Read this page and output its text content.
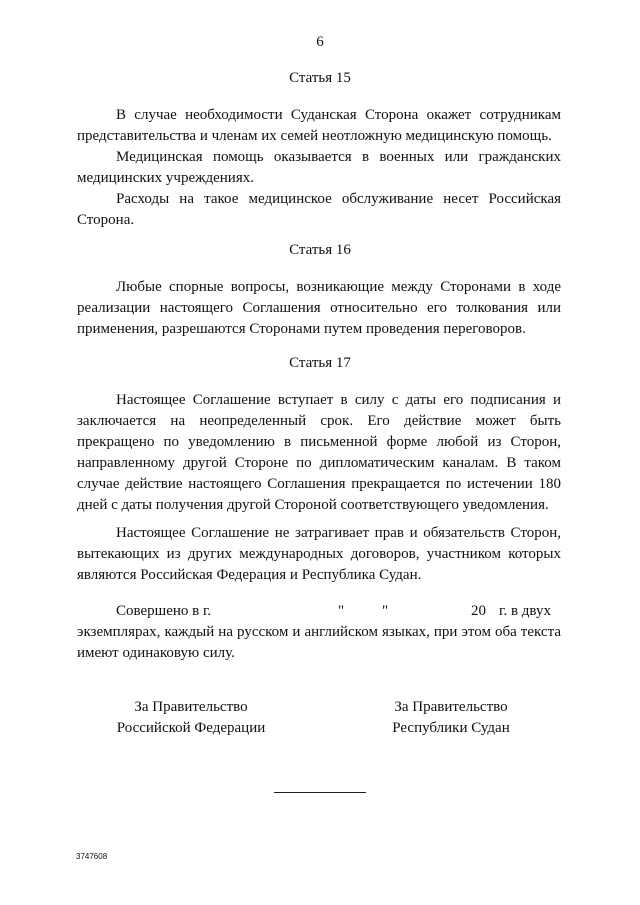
6
Статья 15

В случае необходимости Суданская Сторона окажет сотрудникам представительства и членам их семей неотложную медицинскую помощь.

Медицинская помощь оказывается в военных или гражданских медицинских учреждениях.

Расходы на такое медицинское обслуживание несет Российская Сторона.

Статья 16

Любые спорные вопросы, возникающие между Сторонами в ходе реализации настоящего Соглашения относительно его толкования или применения, разрешаются Сторонами путем проведения переговоров.

Статья 17

Настоящее Соглашение вступает в силу с даты его подписания и заключается на неопределенный срок. Его действие может быть прекращено по уведомлению в письменной форме любой из Сторон, направленному другой Стороне по дипломатическим каналам. В таком случае действие настоящего Соглашения прекращается по истечении 180 дней с даты получения другой Стороной соответствующего уведомления.

Настоящее Соглашение не затрагивает прав и обязательств Сторон, вытекающих из других международных договоров, участником которых являются Российская Федерация и Республика Судан.

Совершено в г.	"	"	20 г. в двух

экземплярах, каждый на русском и английском языках, при этом оба текста имеют одинаковую силу.

За Правительство
Российской Федерации
За Правительство
Республики Судан
3747608
